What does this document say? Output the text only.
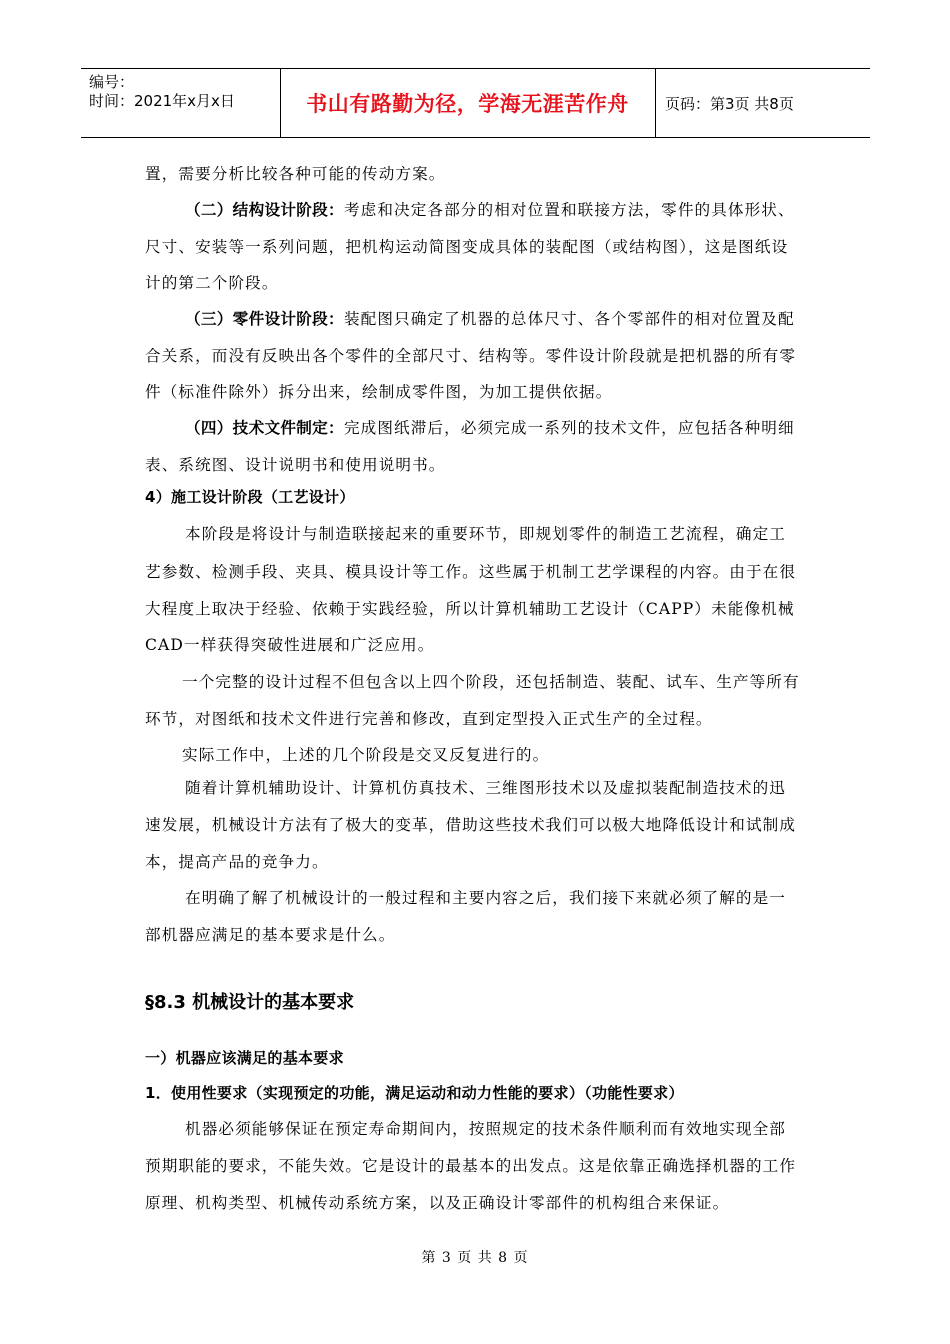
编号：
时间：2021年x月x日	书山有路勤为径，学海无涯苦作舟	页码：第3页 共8页
置，需要分析比较各种可能的传动方案。
（二）结构设计阶段：考虑和决定各部分的相对位置和联接方法，零件的具体形状、
尺寸、安装等一系列问题，把机构运动简图变成具体的装配图（或结构图），这是图纸设
计的第二个阶段。
（三）零件设计阶段：装配图只确定了机器的总体尺寸、各个零部件的相对位置及配
合关系，而没有反映出各个零件的全部尺寸、结构等。零件设计阶段就是把机器的所有零
件（标准件除外）拆分出来，绘制成零件图，为加工提供依据。
（四）技术文件制定：完成图纸滞后，必须完成一系列的技术文件，应包括各种明细
表、系统图、设计说明书和使用说明书。
4）施工设计阶段（工艺设计）
本阶段是将设计与制造联接起来的重要环节，即规划零件的制造工艺流程，确定工
艺参数、检测手段、夹具、模具设计等工作。这些属于机制工艺学课程的内容。由于在很
大程度上取决于经验、依赖于实践经验，所以计算机辅助工艺设计（CAPP）未能像机械
CAD一样获得突破性进展和广泛应用。
一个完整的设计过程不但包含以上四个阶段，还包括制造、装配、试车、生产等所有
环节，对图纸和技术文件进行完善和修改，直到定型投入正式生产的全过程。
实际工作中，上述的几个阶段是交叉反复进行的。
随着计算机辅助设计、计算机仿真技术、三维图形技术以及虚拟装配制造技术的迅
速发展，机械设计方法有了极大的变革，借助这些技术我们可以极大地降低设计和试制成
本，提高产品的竞争力。
在明确了解了机械设计的一般过程和主要内容之后，我们接下来就必须了解的是一
部机器应满足的基本要求是什么。
§8.3 机械设计的基本要求
一）机器应该满足的基本要求
1．使用性要求（实现预定的功能，满足运动和动力性能的要求）（功能性要求）
机器必须能够保证在预定寿命期间内，按照规定的技术条件顺利而有效地实现全部
预期职能的要求，不能失效。它是设计的最基本的出发点。这是依靠正确选择机器的工作
原理、机构类型、机械传动系统方案，以及正确设计零部件的机构组合来保证。
第 3 页 共 8 页
